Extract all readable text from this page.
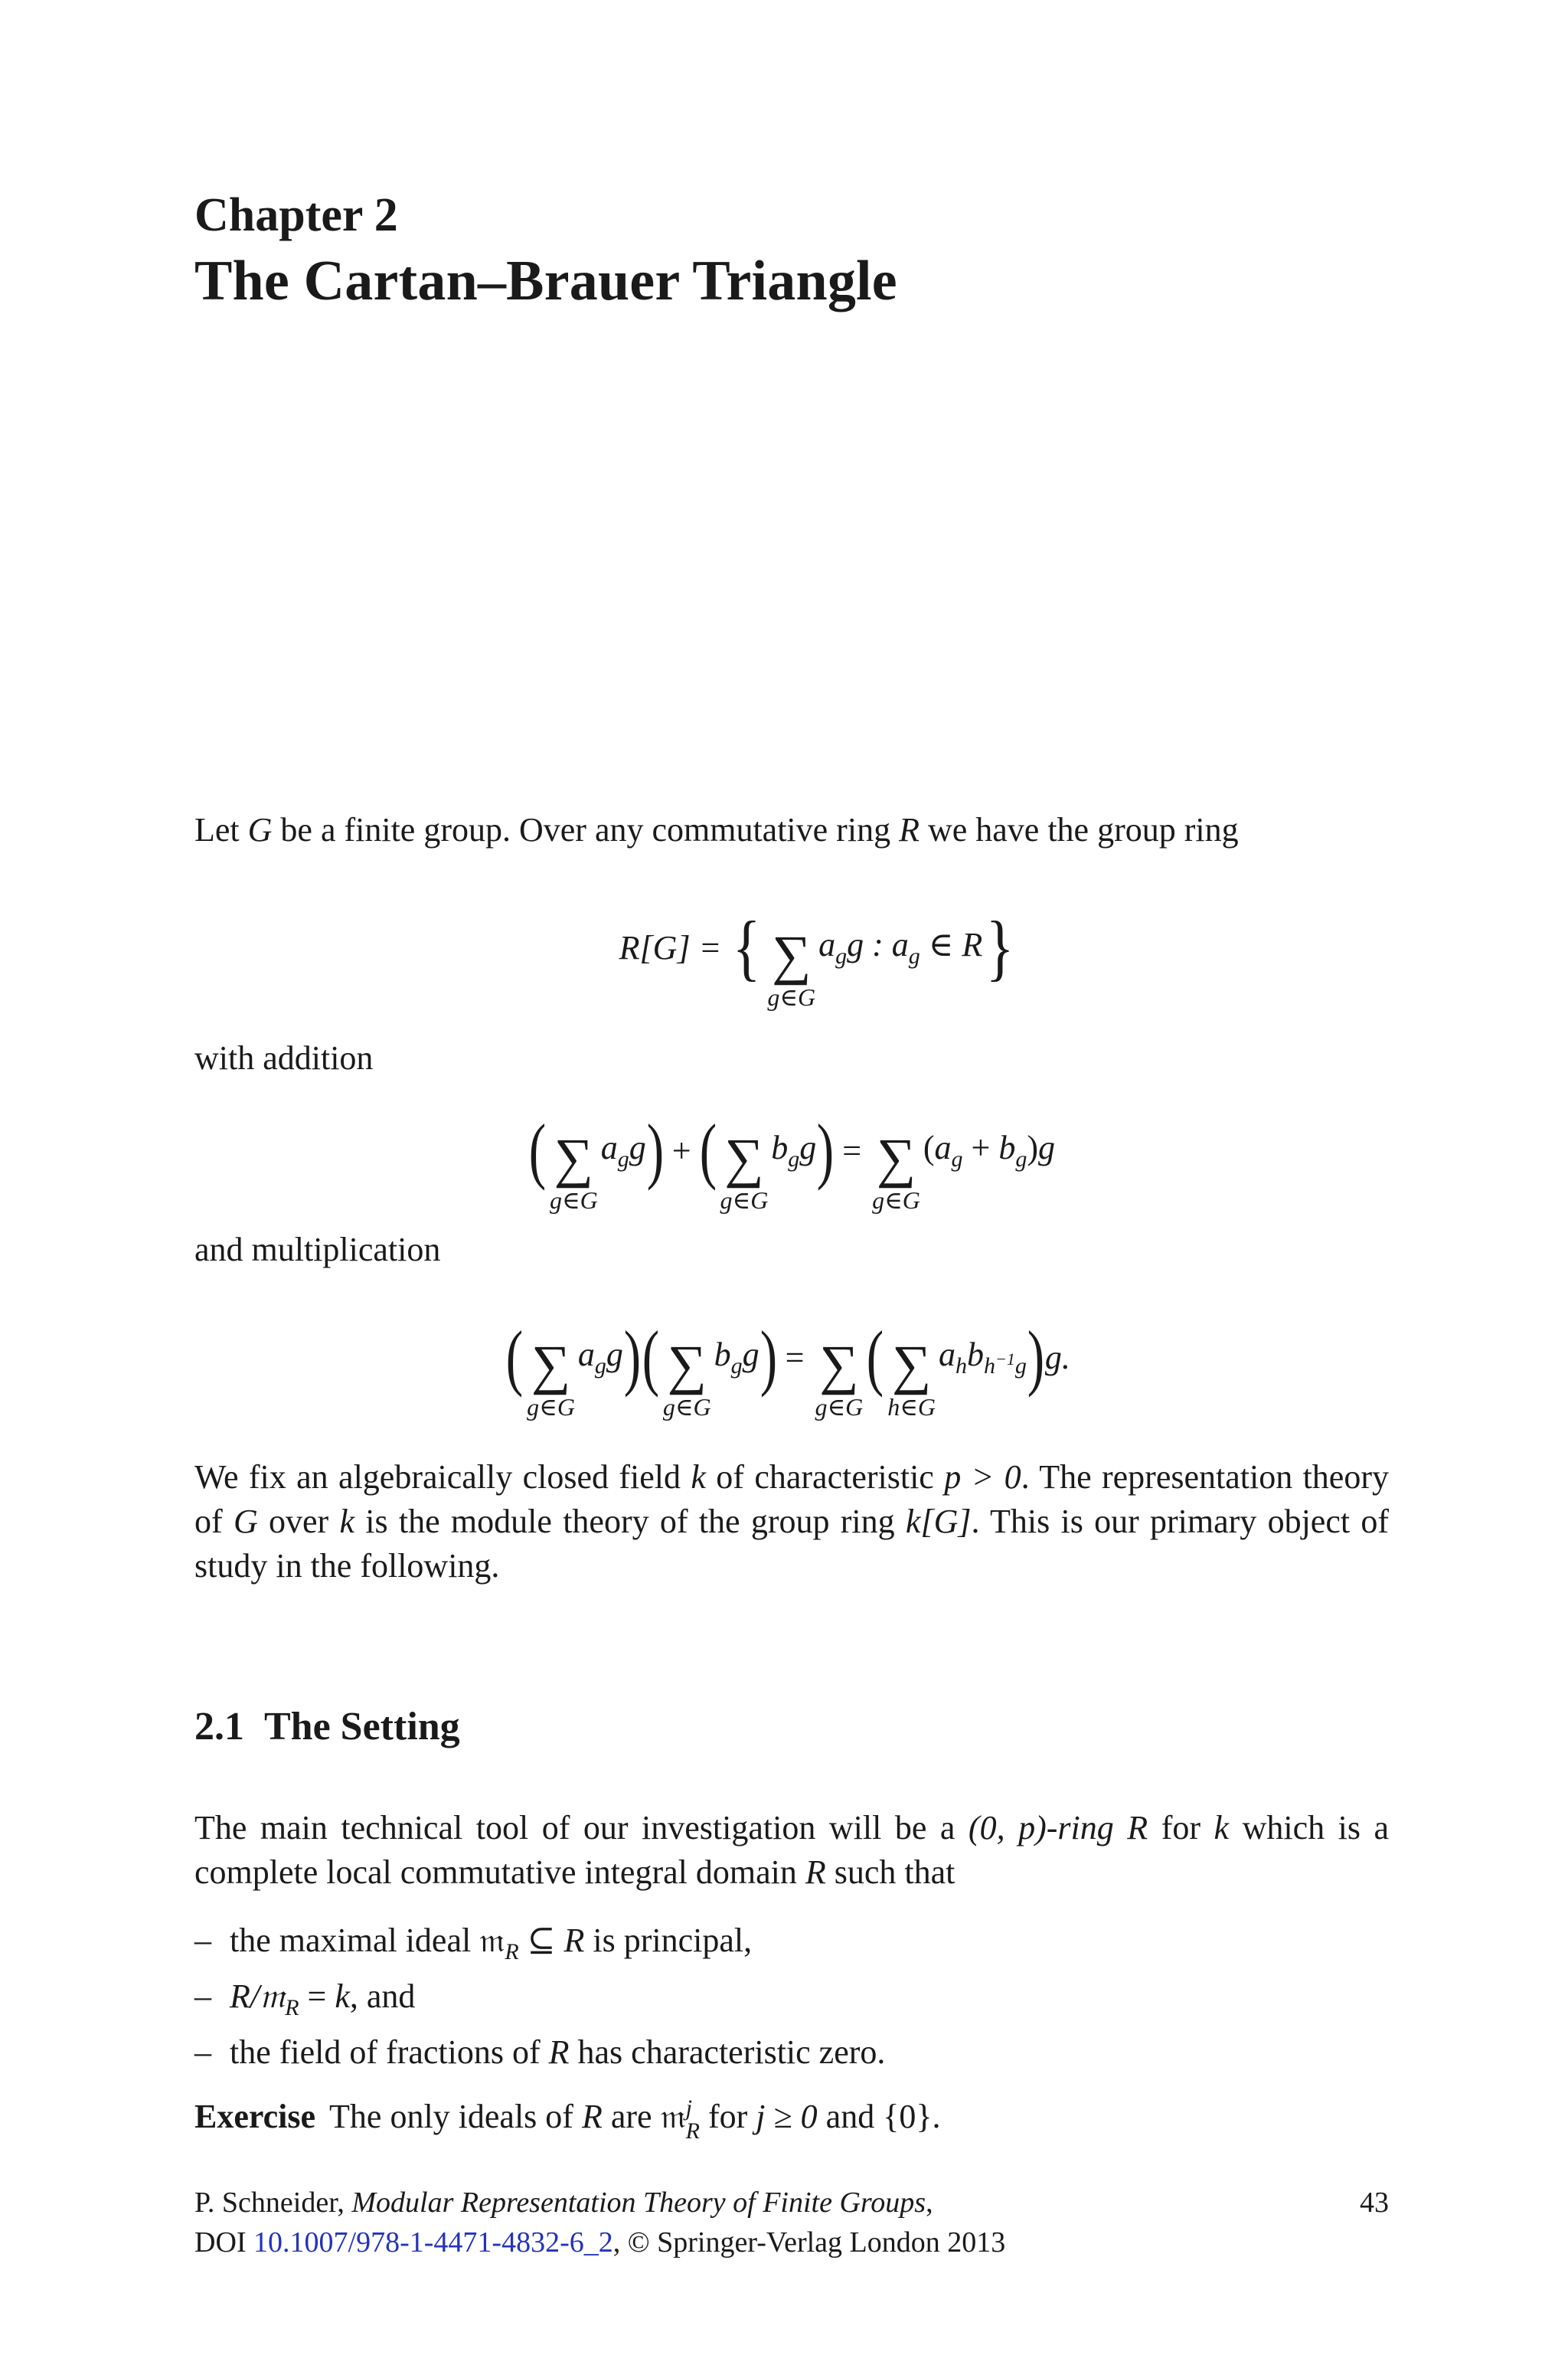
Chapter 2
The Cartan–Brauer Triangle
Let G be a finite group. Over any commutative ring R we have the group ring
R[G] = { ∑
g∈G
$a_gg$ : $a_g$ ∈ R }
with addition
( ∑
g∈G
$a_gg$ ) + ( ∑
g∈G
$b_gg$ ) = ∑
g∈G
$(a_g + b_g)g$
and multiplication
( ∑
g∈G
$a_gg$ ) ( ∑
g∈G
$b_gg$ ) = ∑
g∈G
( ∑
h∈G
$a_hb_{h^{-1}g}$ ) g.
We fix an algebraically closed field k of characteristic p > 0. The representation theory of G over k is the module theory of the group ring k[G]. This is our primary object of study in the following.
2.1 The Setting
The main technical tool of our investigation will be a (0, p)-ring R for k which is a complete local commutative integral domain R such that
– the maximal ideal 𝔪$_R$ ⊆ R is principal,
– R/𝔪$_R$ = k, and
– the field of fractions of R has characteristic zero.
Exercise The only ideals of R are 𝔪 j
R for j ≥ 0 and {0}.
P. Schneider, Modular Representation Theory of Finite Groups,
DOI 10.1007/978-1-4471-4832-6_2, © Springer-Verlag London 2013
43
